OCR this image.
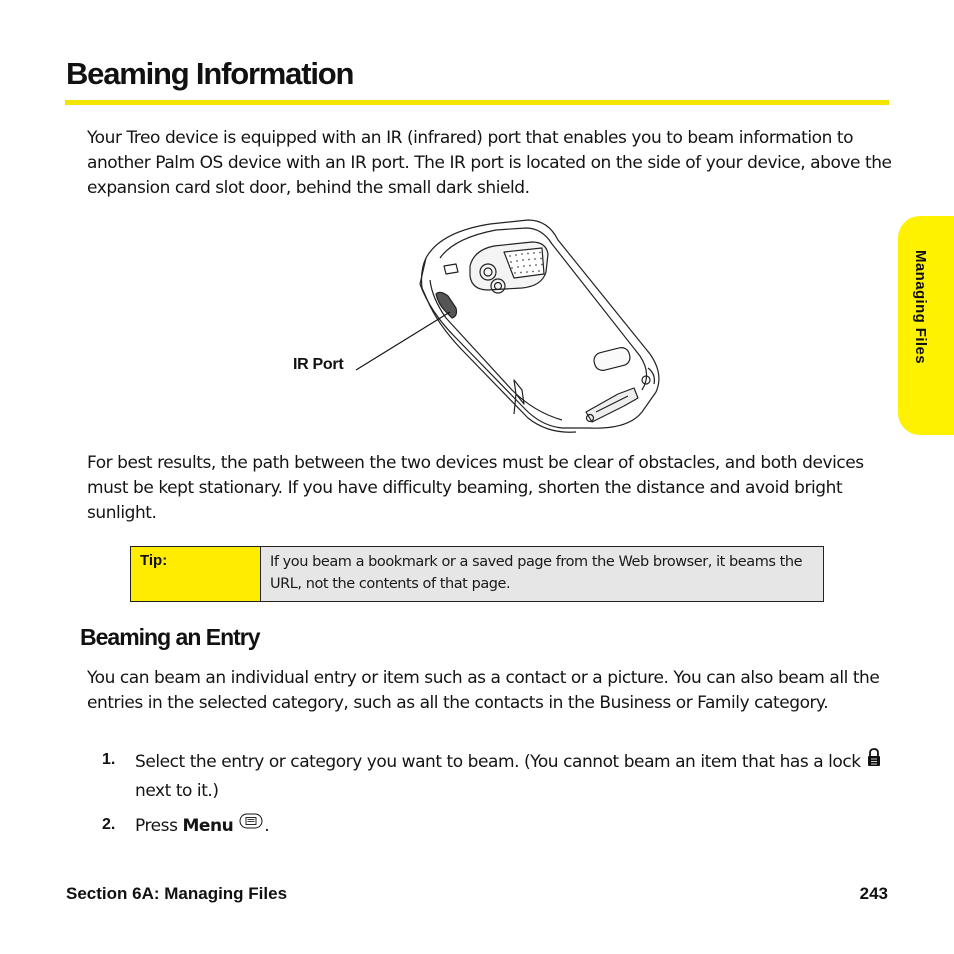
Beaming Information
Managing Files

Your Treo device is equipped with an IR (infrared) port that enables you to beam information to another Palm OS device with an IR port. The IR port is located on the side of your device, above the expansion card slot door, behind the small dark shield.

IR Port

For best results, the path between the two devices must be clear of obstacles, and both devices must be kept stationary. If you have difficulty beaming, shorten the distance and avoid bright sunlight.

Tip:	If you beam a bookmark or a saved page from the Web browser, it beams the URL, not the contents of that page.
Beaming an Entry

You can beam an individual entry or item such as a contact or a picture. You can also beam all the entries in the selected category, such as all the contacts in the Business or Family category.

1. Select the entry or category you want to beam. (You cannot beam an item that has a lock  next to it.)

2. Press Menu .

Section 6A: Managing Files	243
